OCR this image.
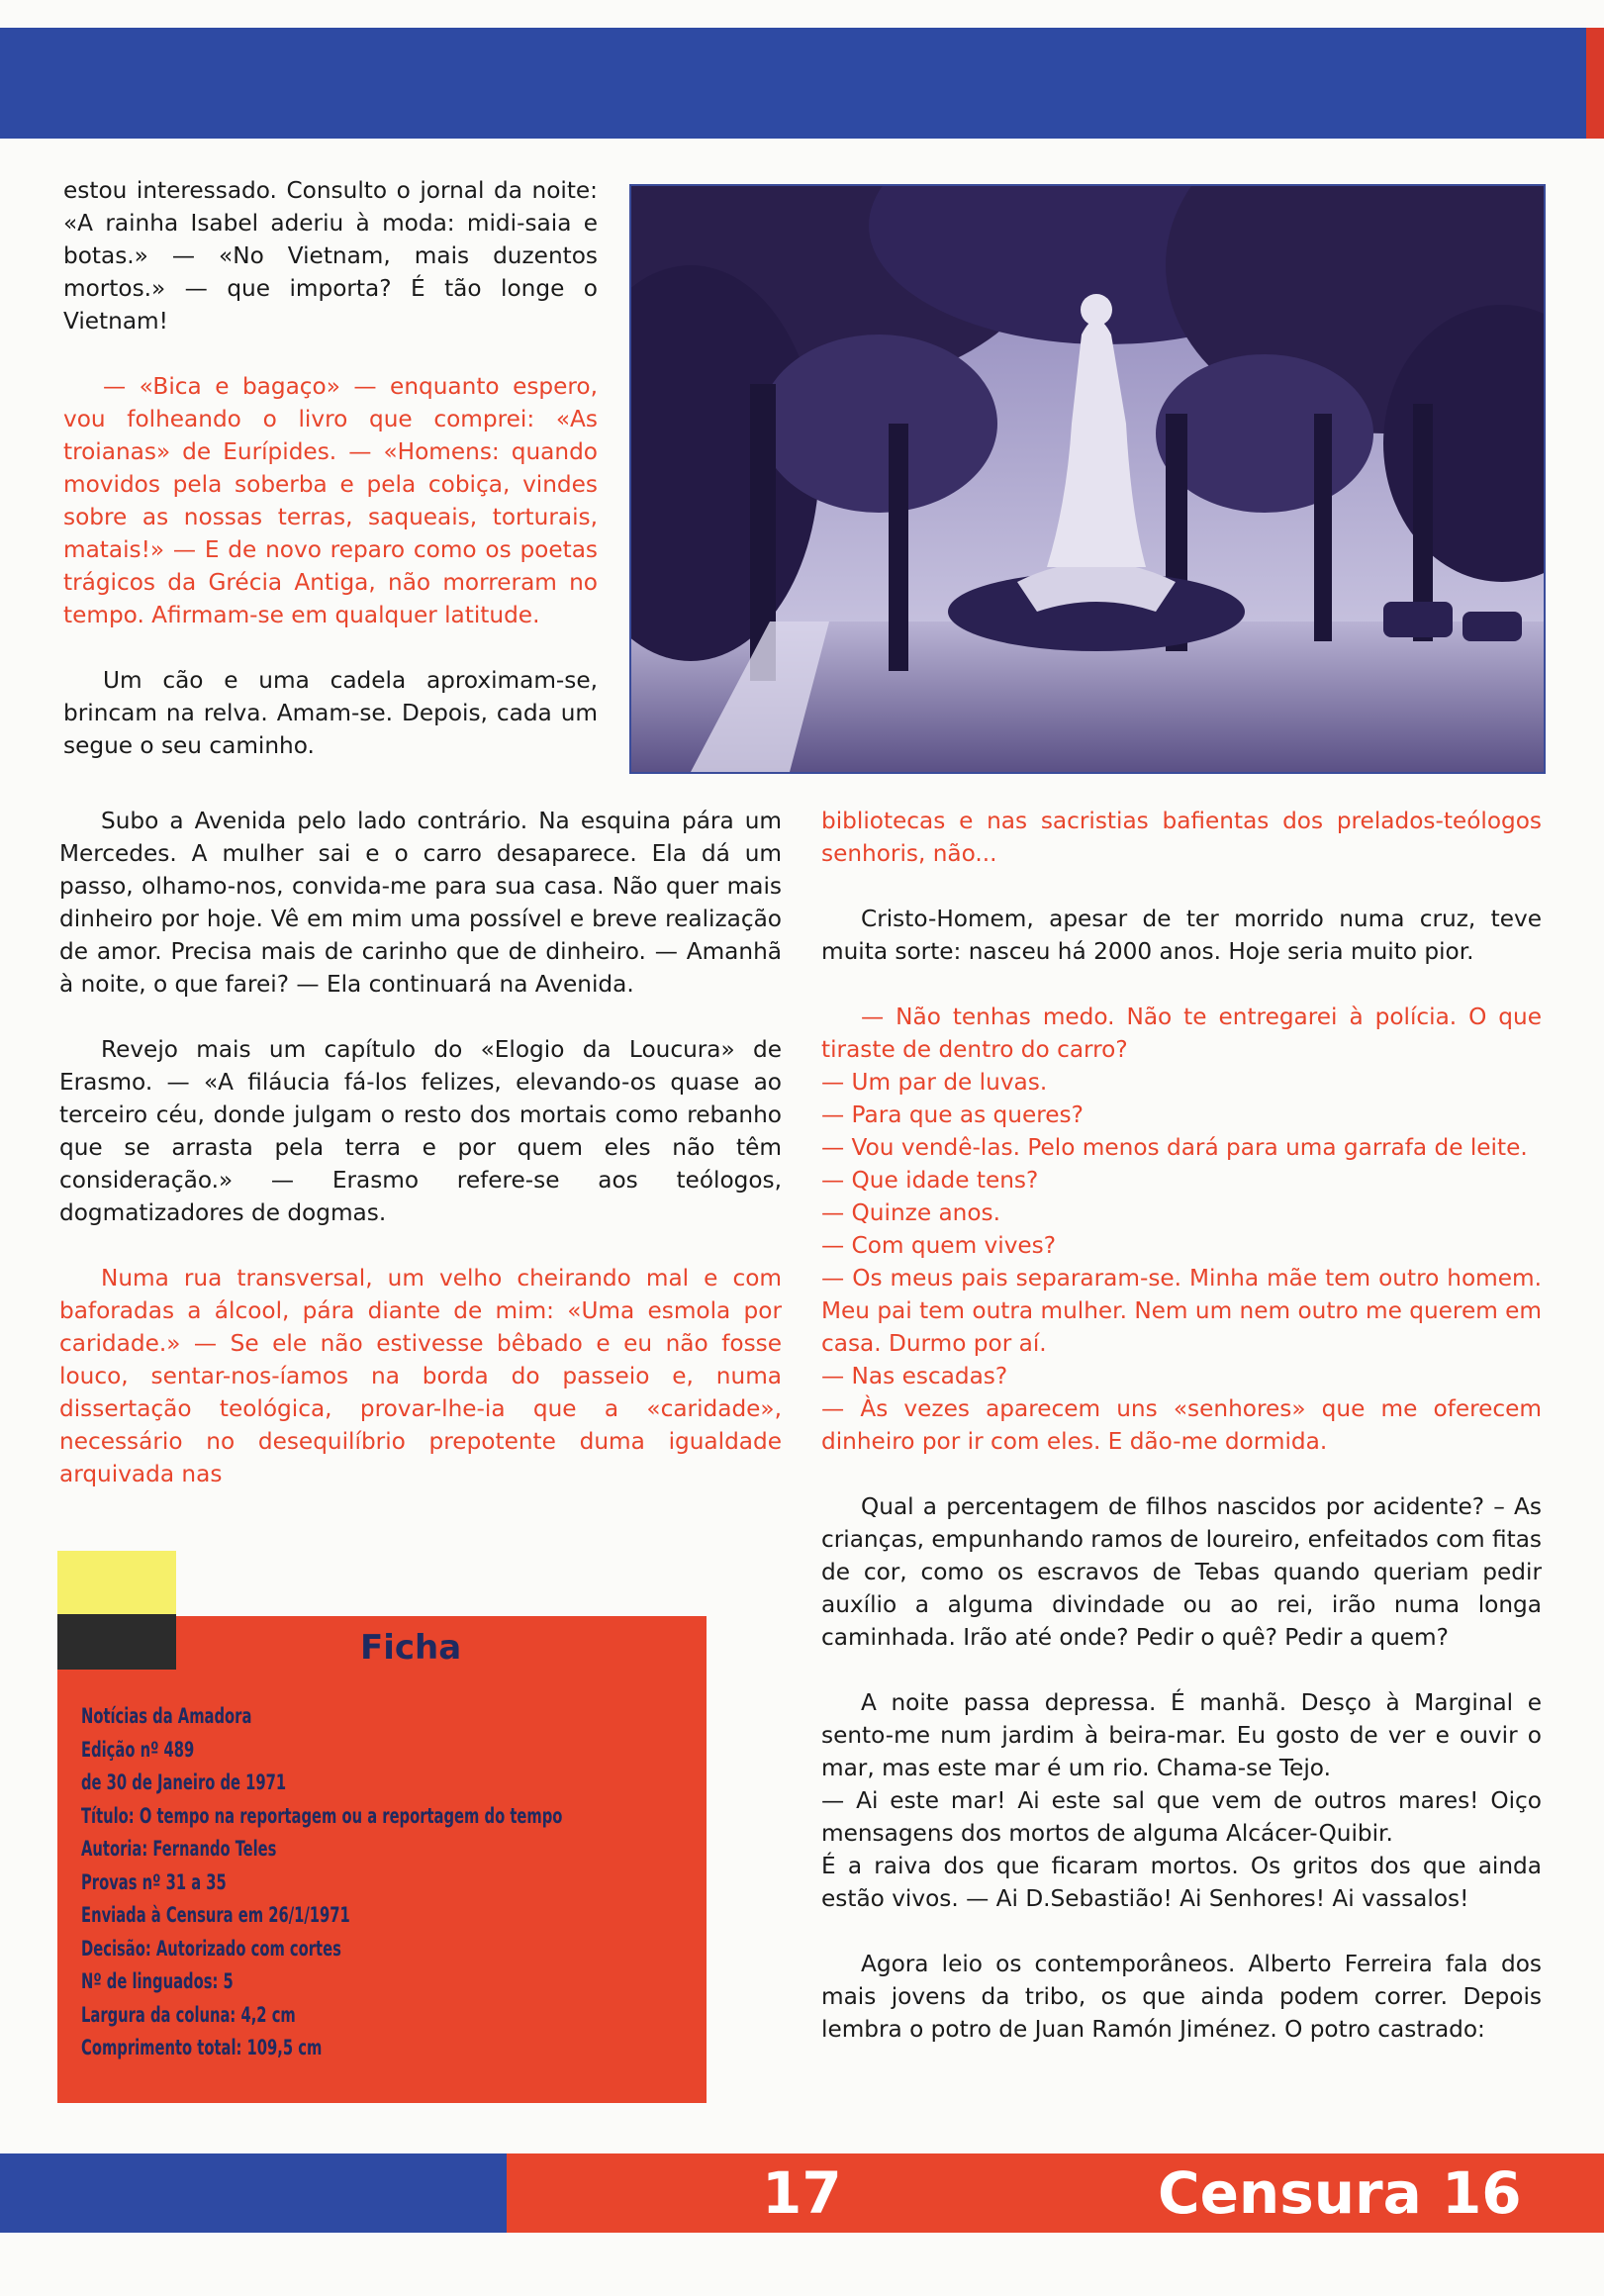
estou interessado. Consulto o jornal da noite: «A rainha Isabel aderiu à moda: midi-saia e botas.» — «No Vietnam, mais duzentos mortos.» — que importa? É tão longe o Vietnam!

— «Bica e bagaço» — enquanto espero, vou folheando o livro que comprei: «As troianas» de Eurípides. — «Homens: quando movidos pela soberba e pela cobiça, vindes sobre as nossas terras, saqueais, torturais, matais!» — E de novo reparo como os poetas trágicos da Grécia Antiga, não morreram no tempo. Afirmam-se em qualquer latitude.

Um cão e uma cadela aproximam-se, brincam na relva. Amam-se. Depois, cada um segue o seu caminho.

Subo a Avenida pelo lado contrário. Na esquina pára um Mercedes. A mulher sai e o carro desaparece. Ela dá um passo, olhamo-nos, convida-me para sua casa. Não quer mais dinheiro por hoje. Vê em mim uma possível e breve realização de amor. Precisa mais de carinho que de dinheiro. — Amanhã à noite, o que farei? — Ela continuará na Avenida.

Revejo mais um capítulo do «Elogio da Loucura» de Erasmo. — «A filáucia fá-los felizes, elevando-os quase ao terceiro céu, donde julgam o resto dos mortais como rebanho que se arrasta pela terra e por quem eles não têm consideração.» — Erasmo refere-se aos teólogos, dogmatizadores de dogmas.

Numa rua transversal, um velho cheirando mal e com baforadas a álcool, pára diante de mim: «Uma esmola por caridade.» — Se ele não estivesse bêbado e eu não fosse louco, sentar-nos-íamos na borda do passeio e, numa dissertação teológica, provar-lhe-ia que a «caridade», necessário no desequilíbrio prepotente duma igualdade arquivada nas

bibliotecas e nas sacristias bafientas dos prelados-teólogos senhoris, não...

Cristo-Homem, apesar de ter morrido numa cruz, teve muita sorte: nasceu há 2000 anos. Hoje seria muito pior.

— Não tenhas medo. Não te entregarei à polícia. O que tiraste de dentro do carro?
— Um par de luvas.
— Para que as queres?
— Vou vendê-las. Pelo menos dará para uma garrafa de leite.
— Que idade tens?
— Quinze anos.
— Com quem vives?
— Os meus pais separaram-se. Minha mãe tem outro homem. Meu pai tem outra mulher. Nem um nem outro me querem em casa. Durmo por aí.
— Nas escadas?
— Às vezes aparecem uns «senhores» que me oferecem dinheiro por ir com eles. E dão-me dormida.

Qual a percentagem de filhos nascidos por acidente? – As crianças, empunhando ramos de loureiro, enfeitados com fitas de cor, como os escravos de Tebas quando queriam pedir auxílio a alguma divindade ou ao rei, irão numa longa caminhada. Irão até onde? Pedir o quê? Pedir a quem?

A noite passa depressa. É manhã. Desço à Marginal e sento-me num jardim à beira-mar. Eu gosto de ver e ouvir o mar, mas este mar é um rio. Chama-se Tejo.
— Ai este mar! Ai este sal que vem de outros mares! Oiço mensagens dos mortos de alguma Alcácer-Quibir.
É a raiva dos que ficaram mortos. Os gritos dos que ainda estão vivos. — Ai D.Sebastião! Ai Senhores! Ai vassalos!

Agora leio os contemporâneos. Alberto Ferreira fala dos mais jovens da tribo, os que ainda podem correr. Depois lembra o potro de Juan Ramón Jiménez. O potro castrado:

Ficha
Notícias da Amadora
Edição nº 489
de 30 de Janeiro de 1971
Título: O tempo na reportagem ou a reportagem do tempo
Autoria: Fernando Teles
Provas nº 31 a 35
Enviada à Censura em 26/1/1971
Decisão: Autorizado com cortes
Nº de linguados: 5
Largura da coluna: 4,2 cm
Comprimento total: 109,5 cm
17	Censura 16
